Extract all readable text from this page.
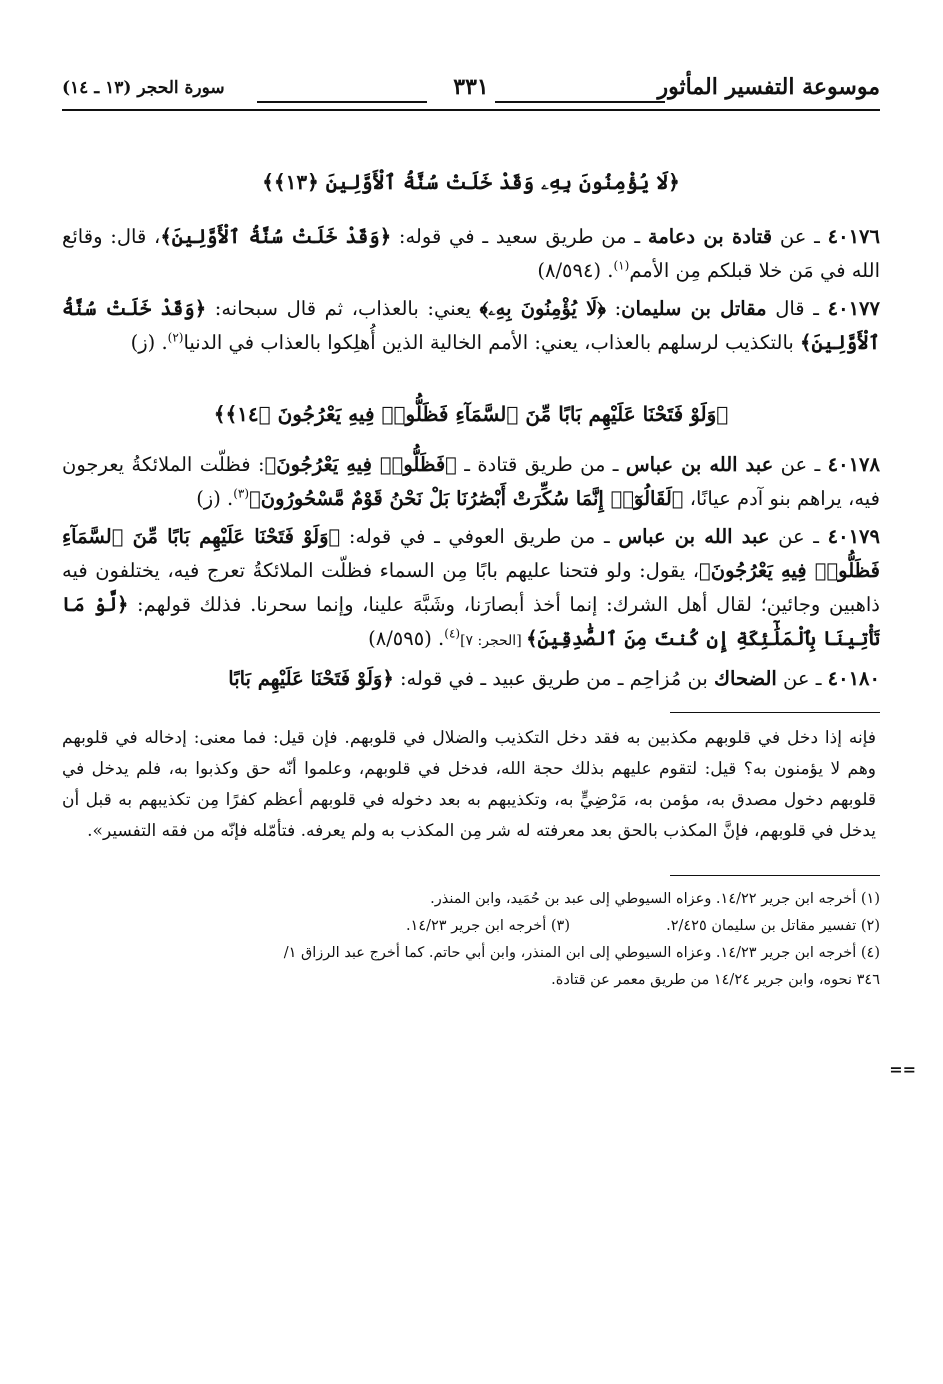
موسوعة التفسير المأثور
٣٣١
سورة الحجر (١٣ ـ ١٤)
﴿لَا يُؤْمِنُونَ بِهِۦ وَقَدْ خَلَتْ سُنَّةُ ٱلْأَوَّلِينَ ﴿١٣﴾﴾

٤٠١٧٦ ـ عن قتادة بن دعامة ـ من طريق سعيد ـ في قوله: ﴿وَقَدْ خَلَتْ سُنَّةُ ٱلْأَوَّلِينَ﴾، قال: وقائع الله في مَن خلا قبلكم مِن الأمم$^{(١)}$. (٨/٥٩٤)

٤٠١٧٧ ـ قال مقاتل بن سليمان: ﴿لَا يُؤْمِنُونَ بِهِۦ﴾ يعني: بالعذاب، ثم قال سبحانه: ﴿وَقَدْ خَلَتْ سُنَّةُ ٱلْأَوَّلِينَ﴾ بالتكذيب لرسلهم بالعذاب، يعني: الأمم الخالية الذين أُهلِكوا بالعذاب في الدنيا$^{(٢)}$. (ز)

﴿وَلَوْ فَتَحْنَا عَلَيْهِم بَابًا مِّنَ ٱلسَّمَآءِ فَظَلُّوا۟ فِيهِ يَعْرُجُونَ ﴿١٤﴾﴾

٤٠١٧٨ ـ عن عبد الله بن عباس ـ من طريق قتادة ـ ﴿فَظَلُّوا۟ فِيهِ يَعْرُجُونَ﴾: فظلّت الملائكةُ يعرجون فيه، يراهم بنو آدم عيانًا، ﴿لَقَالُوٓا۟ إِنَّمَا سُكِّرَتْ أَبْصَٰرُنَا بَلْ نَحْنُ قَوْمٌ مَّسْحُورُونَ﴾$^{(٣)}$. (ز)

٤٠١٧٩ ـ عن عبد الله بن عباس ـ من طريق العوفي ـ في قوله: ﴿وَلَوْ فَتَحْنَا عَلَيْهِم بَابًا مِّنَ ٱلسَّمَآءِ فَظَلُّوا۟ فِيهِ يَعْرُجُونَ﴾، يقول: ولو فتحنا عليهم بابًا مِن السماء فظلّت الملائكةُ تعرج فيه، يختلفون فيه ذاهبين وجائين؛ لقال أهل الشرك: إنما أخذ أبصارَنا، وشَبَّهَ علينا، وإنما سحرنا. فذلك قولهم: ﴿لَّوْ مَا تَأْتِينَا بِٱلْمَلَٰٓئِكَةِ إِن كُنتَ مِنَ ٱلصَّٰدِقِينَ﴾ [الحجر: ٧]$^{(٤)}$. (٨/٥٩٥)

٤٠١٨٠ ـ عن الضحاك بن مُزاحِم ـ من طريق عبيد ـ في قوله: ﴿وَلَوْ فَتَحْنَا عَلَيْهِم بَابًا

==

فإنه إذا دخل في قلوبهم مكذبين به فقد دخل التكذيب والضلال في قلوبهم. فإن قيل: فما معنى: إدخاله في قلوبهم وهم لا يؤمنون به؟ قيل: لتقوم عليهم بذلك حجة الله، فدخل في قلوبهم، وعلموا أنّه حق وكذبوا به، فلم يدخل في قلوبهم دخول مصدق به، مؤمن به، مَرْضِيٍّ به، وتكذيبهم به بعد دخوله في قلوبهم أعظم كفرًا مِن تكذيبهم به قبل أن يدخل في قلوبهم، فإنَّ المكذب بالحق بعد معرفته له شر مِن المكذب به ولم يعرفه. فتأمّله فإنّه من فقه التفسير».

(١) أخرجه ابن جرير ١٤/٢٢. وعزاه السيوطي إلى عبد بن حُمَيد، وابن المنذر.
(٢) تفسير مقاتل بن سليمان ٢/٤٢٥.
(٣) أخرجه ابن جرير ١٤/٢٣.
(٤) أخرجه ابن جرير ١٤/٢٣. وعزاه السيوطي إلى ابن المنذر، وابن أبي حاتم. كما أخرج عبد الرزاق ١/
٣٤٦ نحوه، وابن جرير ١٤/٢٤ من طريق معمر عن قتادة.
